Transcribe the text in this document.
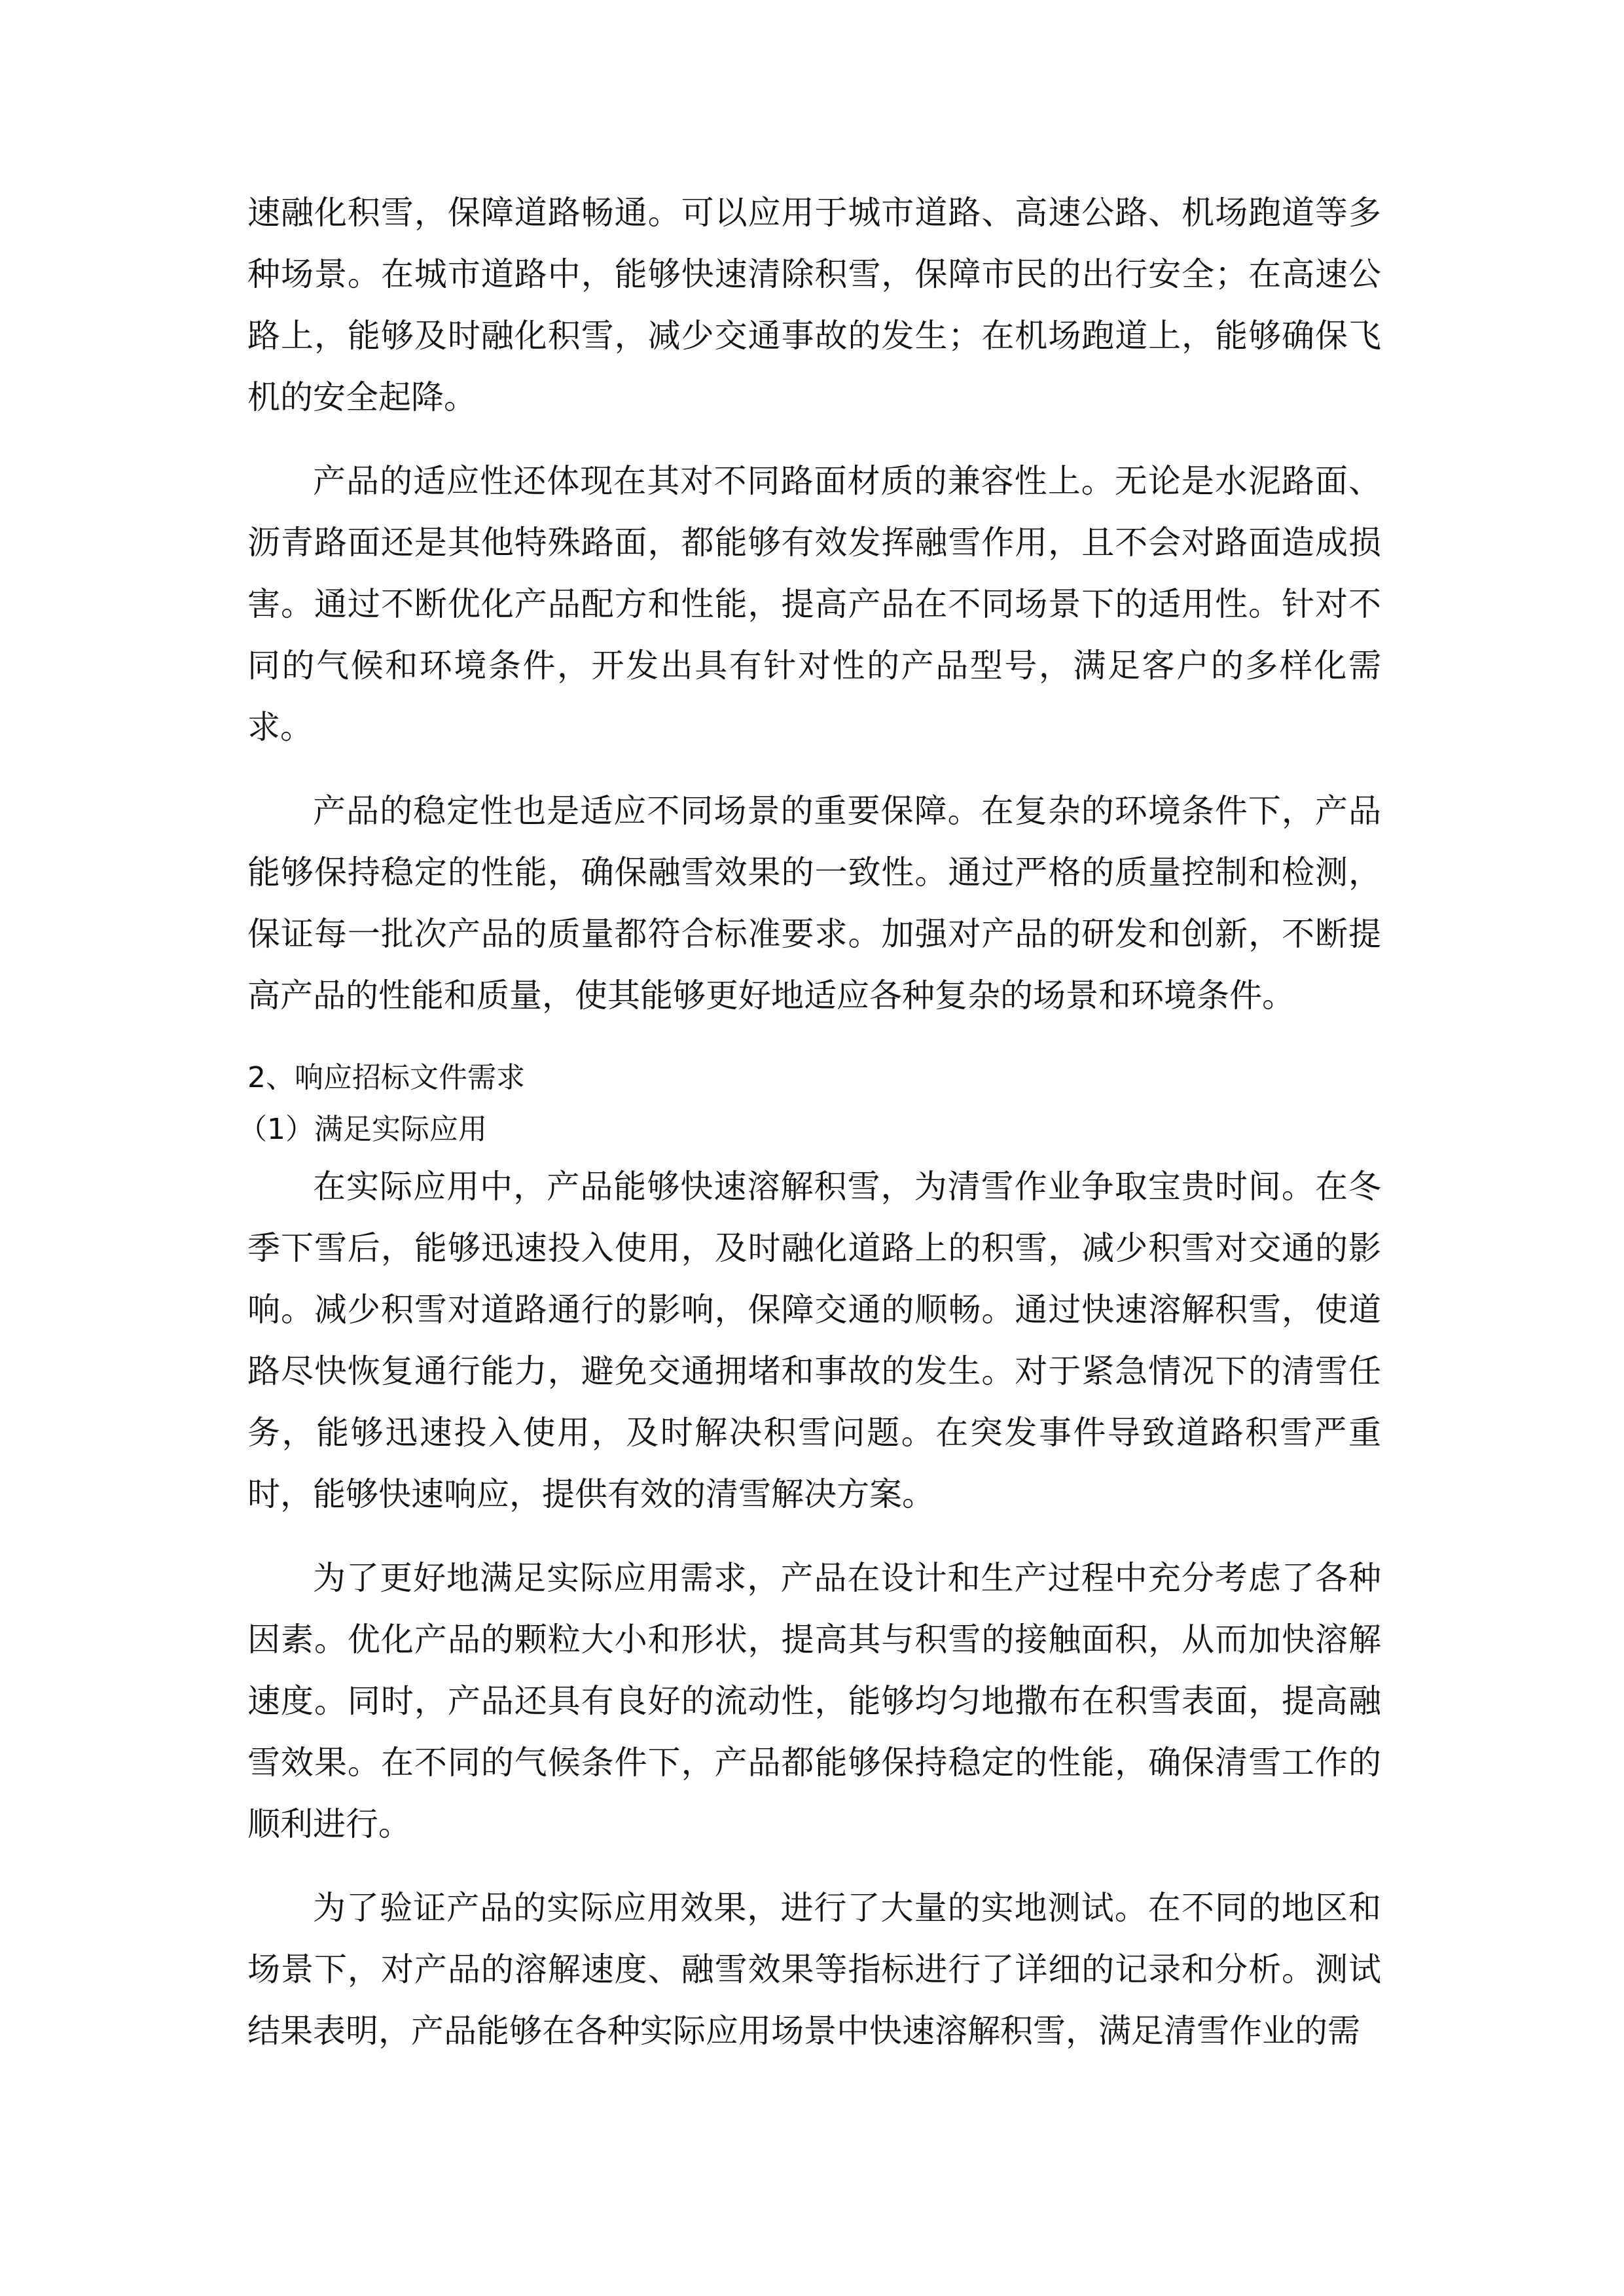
速融化积雪，保障道路畅通。可以应用于城市道路、高速公路、机场跑道等多种场景。在城市道路中，能够快速清除积雪，保障市民的出行安全；在高速公路上，能够及时融化积雪，减少交通事故的发生；在机场跑道上，能够确保飞机的安全起降。

产品的适应性还体现在其对不同路面材质的兼容性上。无论是水泥路面、沥青路面还是其他特殊路面，都能够有效发挥融雪作用，且不会对路面造成损害。通过不断优化产品配方和性能，提高产品在不同场景下的适用性。针对不同的气候和环境条件，开发出具有针对性的产品型号，满足客户的多样化需求。

产品的稳定性也是适应不同场景的重要保障。在复杂的环境条件下，产品能够保持稳定的性能，确保融雪效果的一致性。通过严格的质量控制和检测，保证每一批次产品的质量都符合标准要求。加强对产品的研发和创新，不断提高产品的性能和质量，使其能够更好地适应各种复杂的场景和环境条件。

2、响应招标文件需求

（1）满足实际应用

在实际应用中，产品能够快速溶解积雪，为清雪作业争取宝贵时间。在冬季下雪后，能够迅速投入使用，及时融化道路上的积雪，减少积雪对交通的影响。减少积雪对道路通行的影响，保障交通的顺畅。通过快速溶解积雪，使道路尽快恢复通行能力，避免交通拥堵和事故的发生。对于紧急情况下的清雪任务，能够迅速投入使用，及时解决积雪问题。在突发事件导致道路积雪严重时，能够快速响应，提供有效的清雪解决方案。

为了更好地满足实际应用需求，产品在设计和生产过程中充分考虑了各种因素。优化产品的颗粒大小和形状，提高其与积雪的接触面积，从而加快溶解速度。同时，产品还具有良好的流动性，能够均匀地撒布在积雪表面，提高融雪效果。在不同的气候条件下，产品都能够保持稳定的性能，确保清雪工作的顺利进行。

为了验证产品的实际应用效果，进行了大量的实地测试。在不同的地区和场景下，对产品的溶解速度、融雪效果等指标进行了详细的记录和分析。测试结果表明，产品能够在各种实际应用场景中快速溶解积雪，满足清雪作业的需
